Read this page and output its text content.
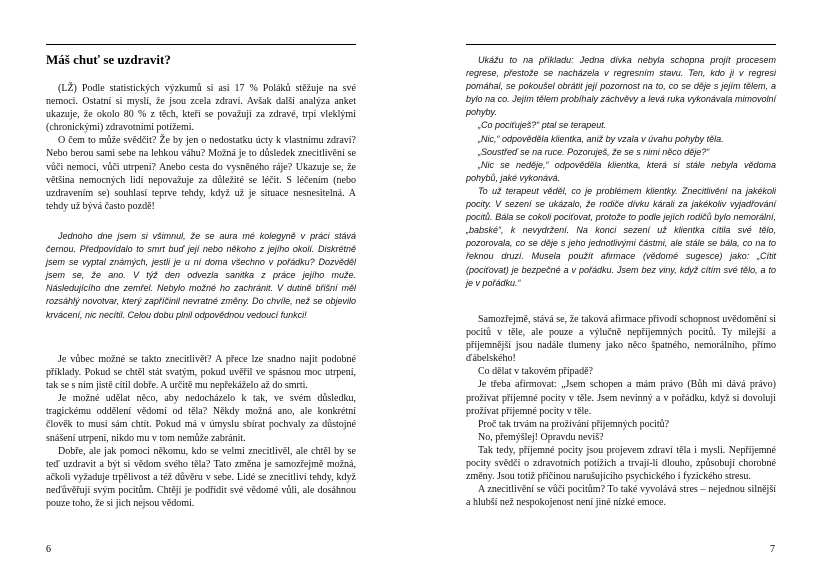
Máš chuť se uzdravit?

(LŽ) Podle statistických výzkumů si asi 17 % Poláků stěžuje na své nemoci. Ostatní si myslí, že jsou zcela zdraví. Avšak další analýza anket ukazuje, že okolo 80 % z těch, kteří se považují za zdravé, trpí vleklými (chronickými) zdravotními potížemi.

O čem to může svědčit? Že by jen o nedostatku úcty k vlastnímu zdraví? Nebo berou sami sebe na lehkou váhu? Možná je to důsledek znecitlivění se vůči nemoci, vůči utrpení? Anebo cesta do vysněného ráje? Ukazuje se, že většina nemocných lidí nepovažuje za důležité se léčit. S léčením (nebo uzdravením se) souhlasí teprve tehdy, když už je situace nesnesitelná. A tehdy už bývá často pozdě!

Jednoho dne jsem si všimnul, že se aura mé kolegyně v práci stává černou. Předpovídalo to smrt buď její nebo někoho z jejího okolí. Diskrétně jsem se vyptal známých, jestli je u ní doma všechno v pořádku? Dozvěděl jsem se, že ano. V týž den odvezla sanitka z práce jejího muže. Následujícího dne zemřel. Nebylo možné ho zachránit. V dutině břišní měl rozsáhlý novotvar, který zapříčinil nevratné změny. Do chvíle, než se objevilo krvácení, nic necítil. Celou dobu plnil odpovědnou vedoucí funkci!

Je vůbec možné se takto znecitlivět? A přece lze snadno najít podobné příklady. Pokud se chtěl stát svatým, pokud uvěřil ve spásnou moc utrpení, tak se s ním jistě cítil dobře. A určitě mu nepřekáželo až do smrti.

Je možné udělat něco, aby nedocházelo k tak, ve svém důsledku, tragickému oddělení vědomí od těla? Někdy možná ano, ale konkrétní člověk to musí sám chtít. Pokud má v úmyslu sbírat pochvaly za důstojné snášení utrpení, nikdo mu v tom nemůže zabránit.

Dobře, ale jak pomoci někomu, kdo se velmi znecitlivěl, ale chtěl by se teď uzdravit a být si vědom svého těla? Tato změna je samozřejmě možná, ačkoli vyžaduje trpělivost a též důvěru v sebe. Lidé se znecitliví tehdy, když neďůvěřují svým pocitům. Chtějí je podřídit své vědomé vůli, ale dosáhnou pouze toho, že si jich nejsou vědomi.

6

Ukážu to na příkladu: Jedna dívka nebyla schopna projít procesem regrese, přestože se nacházela v regresním stavu. Ten, kdo ji v regresi pomáhal, se pokoušel obrátit její pozornost na to, co se děje s jejím tělem, a bylo na co. Jejím tělem probíhaly záchvěvy a levá ruka vykonávala mimovolní pohyby.

„Co pociťuješ?“ ptal se terapeut.

„Nic,“ odpověděla klientka, aniž by vzala v úvahu pohyby těla.

„Soustřeď se na ruce. Pozoruješ, že se s nimi něco děje?“

„Nic se neděje,“ odpověděla klientka, která si stále nebyla vědoma pohybů, jaké vykonává.

To už terapeut věděl, co je problémem klientky. Znecitlivění na jakékoli pocity. V sezení se ukázalo, že rodiče dívku kárali za jakékoliv vyjadřování pocitů. Bála se cokoli pociťovat, protože to podle jejích rodičů bylo nemorální, „babské“, k nevydržení. Na konci sezení už klientka cítila své tělo, pozorovala, co se děje s jeho jednotlivými částmi, ale stále se bála, co na to řeknou druzí. Musela použít afirmace (vědomé sugesce) jako: „Cítit (pociťovat) je bezpečné a v pořádku. Jsem bez viny, když cítím své tělo, a to je v pořádku.“

Samozřejmě, stává se, že taková afirmace přivodí schopnost uvědomění si pocitů v těle, ale pouze a výlučně nepříjemných pocitů. Ty milejší a příjemnější jsou nadále tlumeny jako něco špatného, nemorálního, přímo ďábelského!

Co dělat v takovém případě?

Je třeba afirmovat: „Jsem schopen a mám právo (Bůh mi dává právo) prožívat příjemné pocity v těle. Jsem nevinný a v pořádku, když si dovoluji prožívat příjemné pocity v těle.

Proč tak trvám na prožívání příjemných pocitů?

No, přemýšlej! Opravdu nevíš?

Tak tedy, příjemné pocity jsou projevem zdraví těla i mysli. Nepříjemné pocity svědčí o zdravotních potížích a trvají-li dlouho, způsobují chorobné změny. Jsou totiž příčinou narušujícího psychického i fyzického stresu.

A znecitlivění se vůči pocitům? To také vyvolává stres – nejednou silnější a hlubší než nespokojenost není jiné nízké emoce.

7
